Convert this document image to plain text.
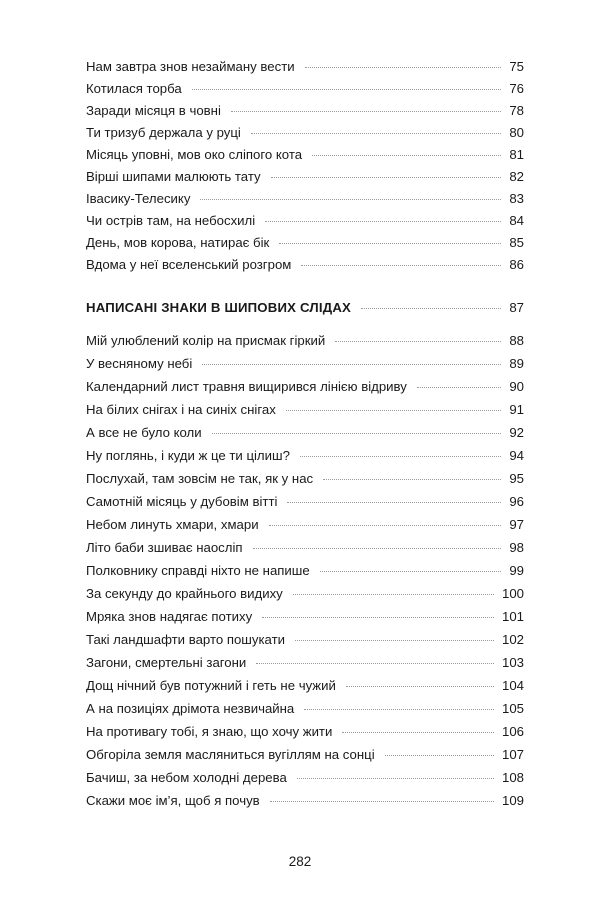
Нам завтра знов незайману вести	75
Котилася торба	76
Заради місяця в човні	78
Ти тризуб держала у руці	80
Місяць уповні, мов око сліпого кота	81
Вірші шипами малюють тату	82
Івасику-Телесику	83
Чи острів там, на небосхилі	84
День, мов корова, натирає бік	85
Вдома у неї вселенський розгром	86
НАПИСАНІ ЗНАКИ В ШИПОВИХ СЛІДАХ	87
Мій улюблений колір на присмак гіркий	88
У весняному небі	89
Календарний лист травня вищирився лінією відриву	90
На білих снігах і на синіх снігах	91
А все не було коли	92
Ну поглянь, і куди ж це ти цілиш?	94
Послухай, там зовсім не так, як у нас	95
Самотній місяць у дубовім вітті	96
Небом линуть хмари, хмари	97
Літо баби зшиває наосліп	98
Полковнику справді ніхто не напише	99
За секунду до крайнього видиху	100
Мряка знов надягає потиху	101
Такі ландшафти варто пошукати	102
Загони, смертельні загони	103
Дощ нічний був потужний і геть не чужий	104
А на позиціях дрімота незвичайна	105
На противагу тобі, я знаю, що хочу жити	106
Обгоріла земля масляниться вугіллям на сонці	107
Бачиш, за небом холодні дерева	108
Скажи моє ім’я, щоб я почув	109
282
